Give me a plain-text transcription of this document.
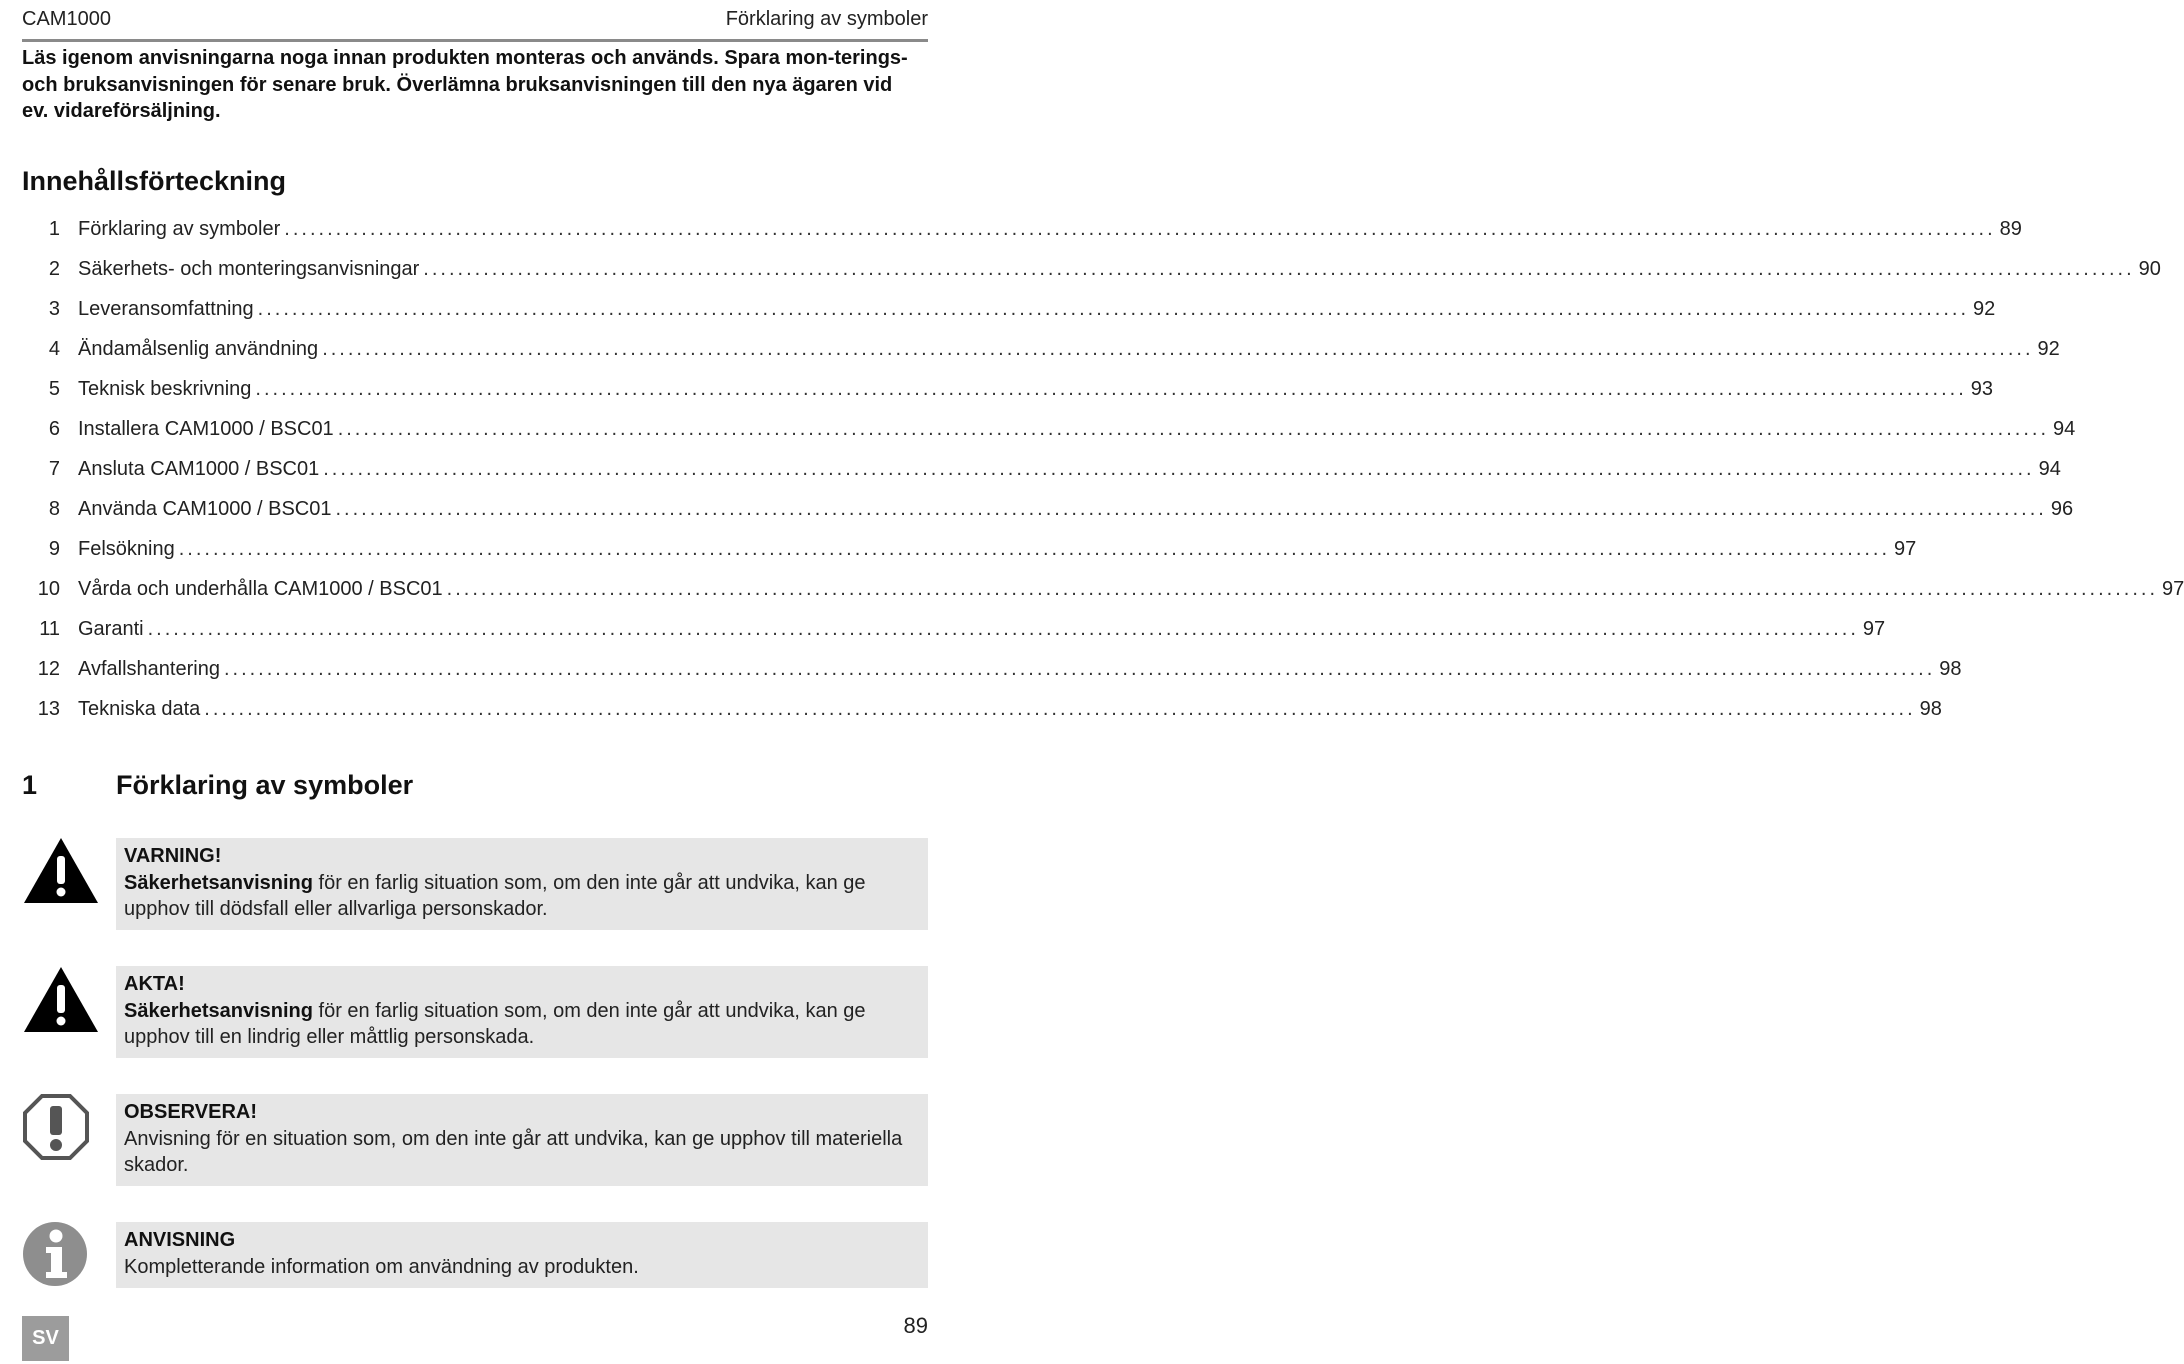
CAM1000	Förklaring av symboler
Läs igenom anvisningarna noga innan produkten monteras och används. Spara mon-terings- och bruksanvisningen för senare bruk. Överlämna bruksanvisningen till den nya ägaren vid ev. vidareförsäljning.
Innehållsförteckning
1 Förklaring av symboler ........................................................................................................................................................................................................ 89
2 Säkerhets- och monteringsanvisningar ........................................................................................................................................................................................................ 90
3 Leveransomfattning ........................................................................................................................................................................................................ 92
4 Ändamålsenlig användning ........................................................................................................................................................................................................ 92
5 Teknisk beskrivning ........................................................................................................................................................................................................ 93
6 Installera CAM1000 / BSC01 ........................................................................................................................................................................................................ 94
7 Ansluta CAM1000 / BSC01 ........................................................................................................................................................................................................ 94
8 Använda CAM1000 / BSC01 ........................................................................................................................................................................................................ 96
9 Felsökning ........................................................................................................................................................................................................ 97
10 Vårda och underhålla CAM1000 / BSC01 ........................................................................................................................................................................................................ 97
11 Garanti ........................................................................................................................................................................................................ 97
12 Avfallshantering ........................................................................................................................................................................................................ 98
13 Tekniska data ........................................................................................................................................................................................................ 98
1	Förklaring av symboler
VARNING!
Säkerhetsanvisning för en farlig situation som, om den inte går att undvika, kan ge upphov till dödsfall eller allvarliga personskador.
AKTA!
Säkerhetsanvisning för en farlig situation som, om den inte går att undvika, kan ge upphov till en lindrig eller måttlig personskada.
OBSERVERA!
Anvisning för en situation som, om den inte går att undvika, kan ge upphov till materiella skador.
ANVISNING
Kompletterande information om användning av produkten.
SV	89
